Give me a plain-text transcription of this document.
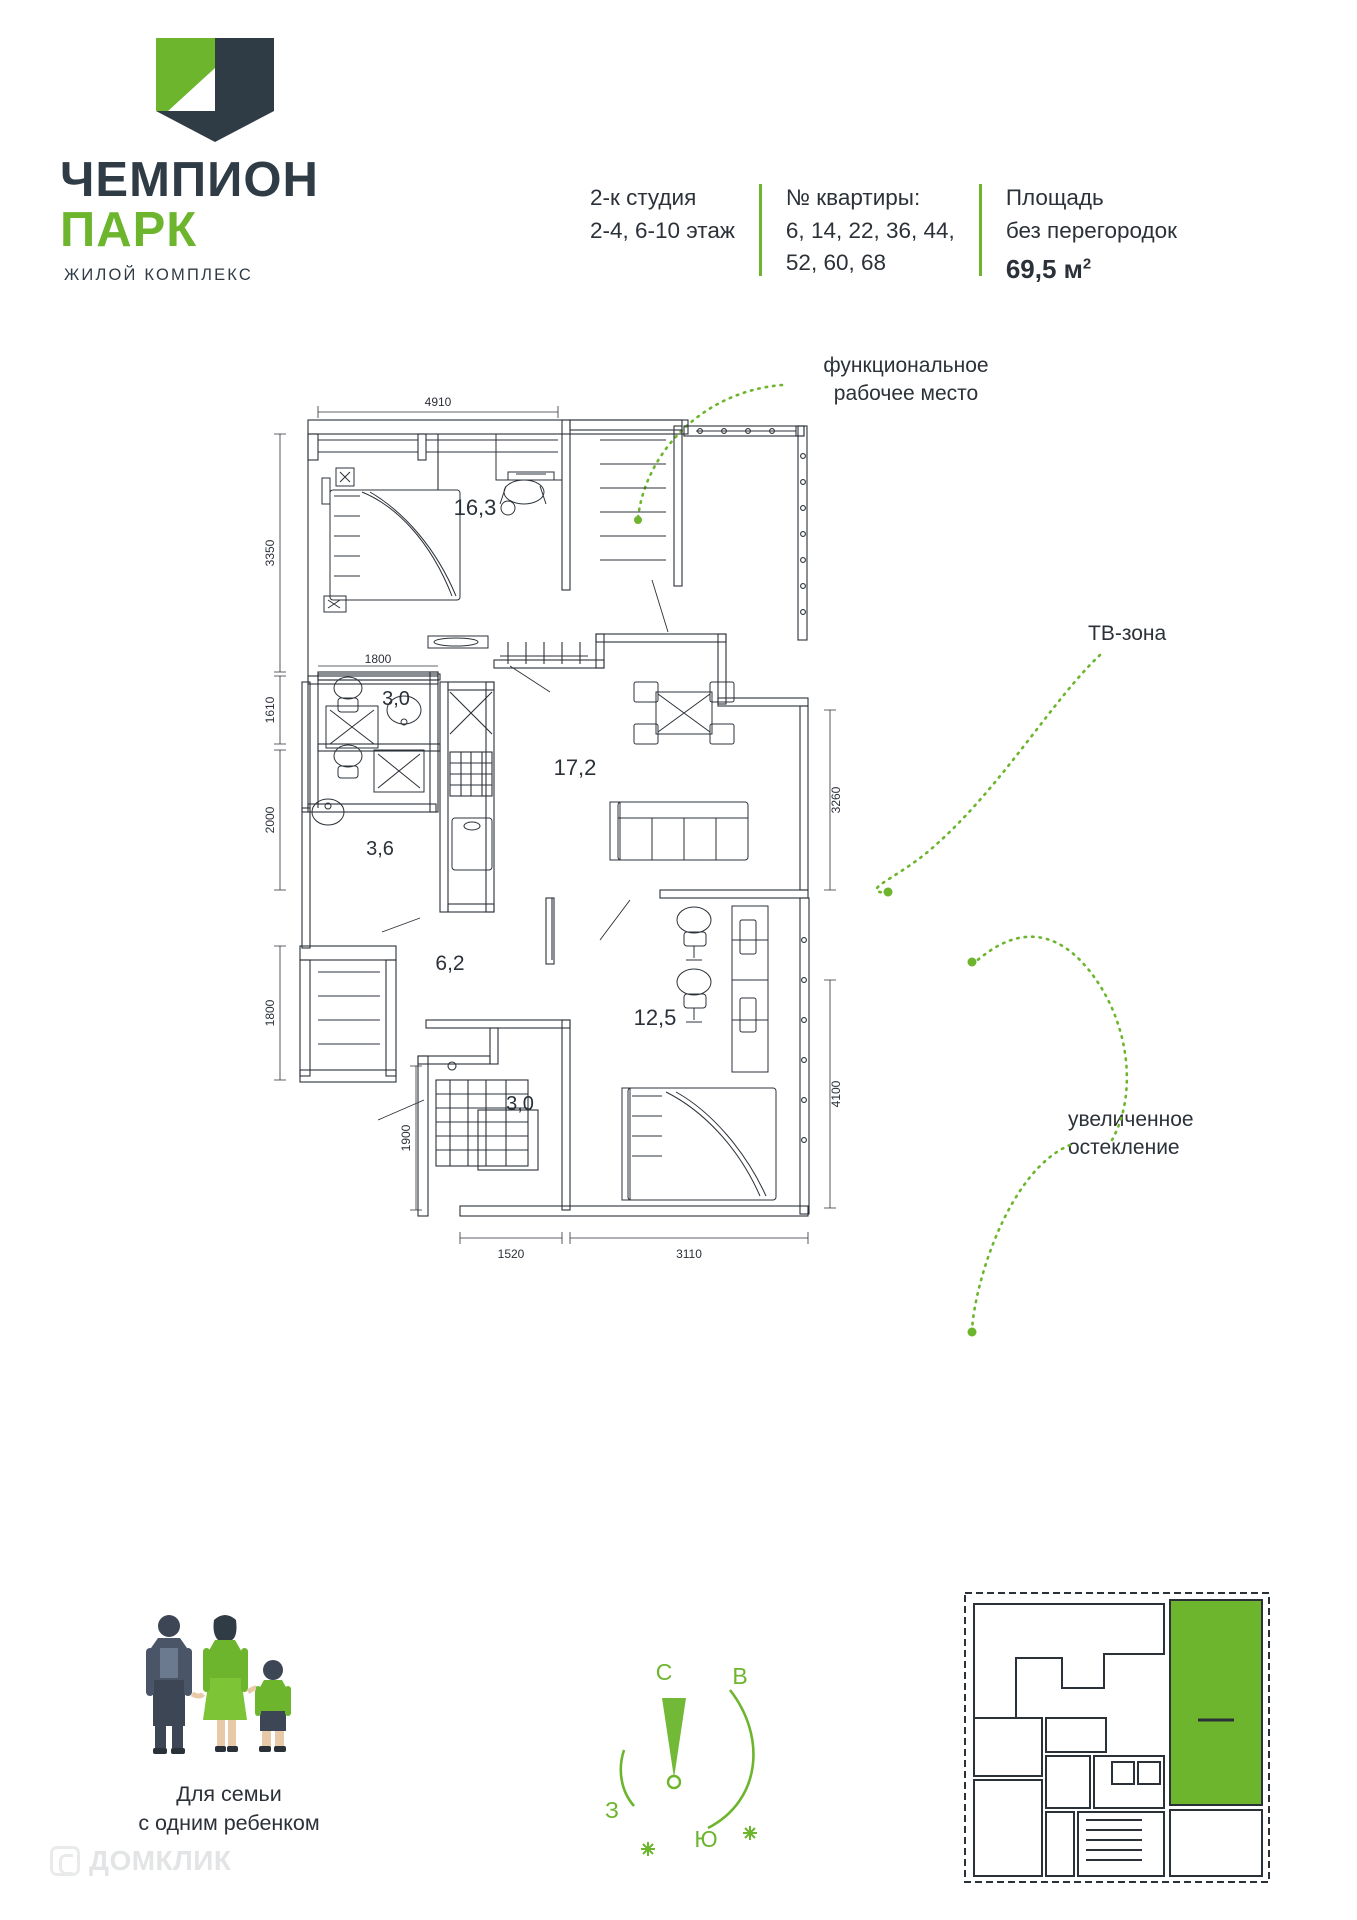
ЧЕМПИОН
ПАРК
ЖИЛОЙ КОМПЛЕКС
2-к студия
2-4, 6-10 этаж
№ квартиры:
6, 14, 22, 36, 44,
52, 60, 68
Площадь
без перегородок
69,5 $м^2$
функциональное
рабочее место
ТВ-зона
увеличенное
остекление
16,3
3,0
3,6
17,2
6,2
3,0
12,5
4910
3350
1610
2000
1800
1800
3260
4100
1900
1520	3110
Для семьи
с одним ребенком
С	В
З
Ю
ДОМКЛИК
